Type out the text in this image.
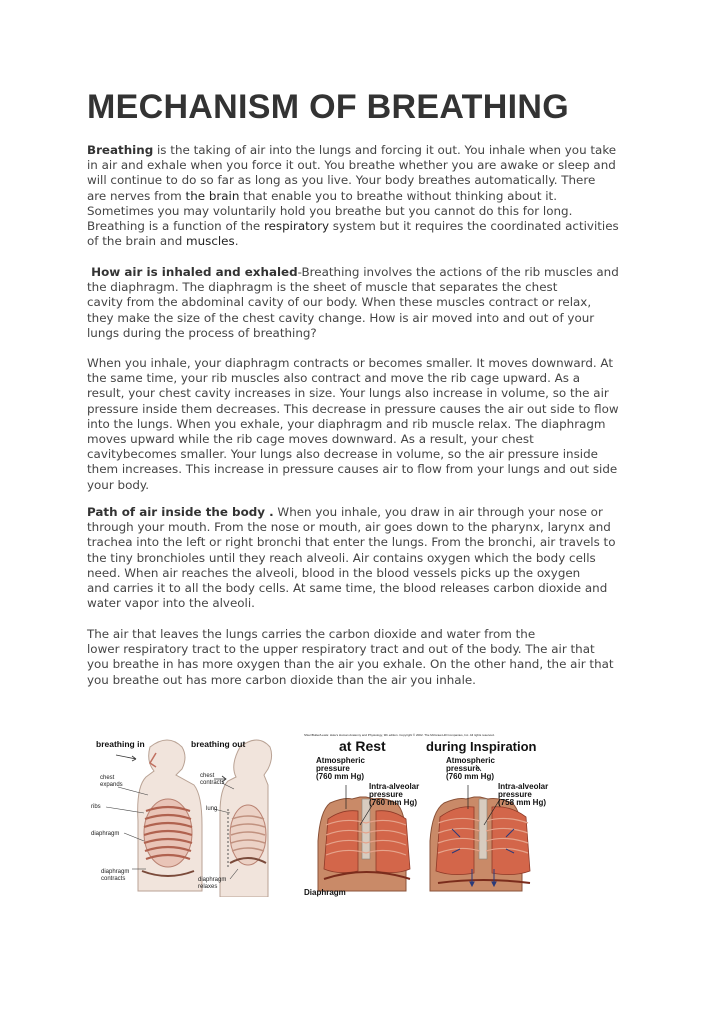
MECHANISM OF BREATHING
Breathing is the taking of air into the lungs and forcing it out. You inhale when you take
in air and exhale when you force it out. You breathe whether you are awake or sleep and
will continue to do so far as long as you live. Your body breathes automatically. There
are nerves from the brain that enable you to breathe without thinking about it.
Sometimes you may voluntarily hold you breathe but you cannot do this for long.
Breathing is a function of the respiratory system but it requires the coordinated activities
of the brain and muscles.
How air is inhaled and exhaled-Breathing involves the actions of the rib muscles and
the diaphragm. The diaphragm is the sheet of muscle that separates the chest
cavity from the abdominal cavity of our body. When these muscles contract or relax,
they make the size of the chest cavity change. How is air moved into and out of your
lungs during the process of breathing?
When you inhale, your diaphragm contracts or becomes smaller. It moves downward. At
the same time, your rib muscles also contract and move the rib cage upward. As a
result, your chest cavity increases in size. Your lungs also increase in volume, so the air
pressure inside them decreases. This decrease in pressure causes the air out side to flow
into the lungs. When you exhale, your diaphragm and rib muscle relax. The diaphragm
moves upward while the rib cage moves downward. As a result, your chest
cavitybecomes smaller. Your lungs also decrease in volume, so the air pressure inside
them increases. This increase in pressure causes air to flow from your lungs and out side
your body.
Path of air inside the body . When you inhale, you draw in air through your nose or
through your mouth. From the nose or mouth, air goes down to the pharynx, larynx and
trachea into the left or right bronchi that enter the lungs. From the bronchi, air travels to
the tiny bronchioles until they reach alveoli. Air contains oxygen which the body cells
need. When air reaches the alveoli, blood in the blood vessels picks up the oxygen
and carries it to all the body cells. At same time, the blood releases carbon dioxide and
water vapor into the alveoli.
The air that leaves the lungs carries the carbon dioxide and water from the
lower respiratory tract to the upper respiratory tract and out of the body. The air that
you breathe in has more oxygen than the air you exhale. On the other hand, the air that
you breathe out has more carbon dioxide than the air you inhale.
breathing in	breathing out
chest
expands
ribs
diaphragm
diaphragm
contracts
chest
contracts
lung
diaphragm
relaxes
Shier/Butler/Lewis: Hole's Human Anatomy and Physiology, 9th edition. Copyright © 2002. The McGraw-Hill Companies, Inc. All rights reserved.
at Rest	during Inspiration
Atmospheric
pressure
(760 mm Hg)
Intra-alveolar
pressure
(760 mm Hg)
Atmospheric
pressure
(760 mm Hg)
Intra-alveolar
pressure
(758 mm Hg)
Diaphragm
